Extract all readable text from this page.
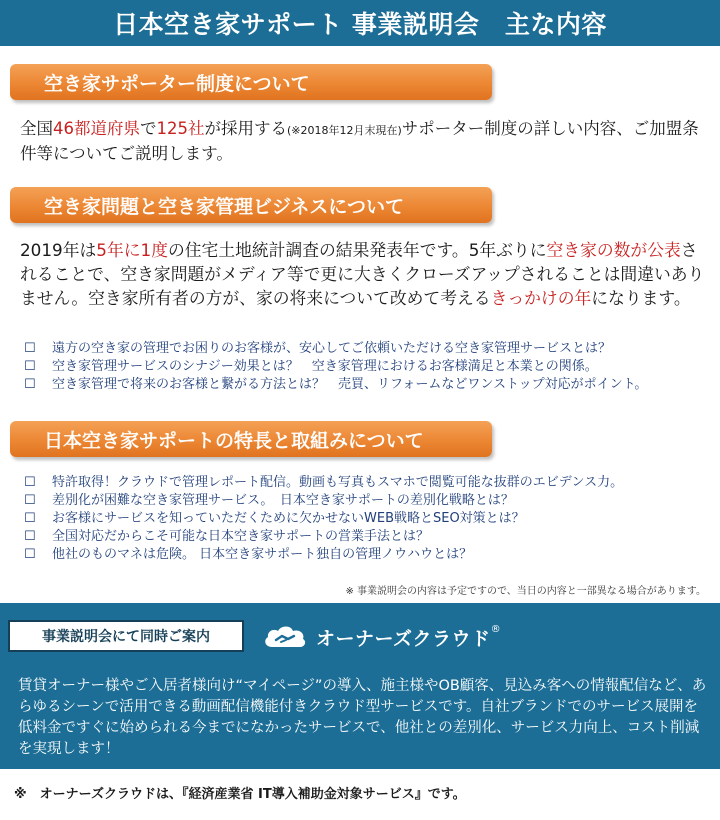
日本空き家サポート 事業説明会　主な内容
空き家サポーター制度について
全国46都道府県で125社が採用する(※2018年12月末現在)サポーター制度の詳しい内容、ご加盟条件等についてご説明します。
空き家問題と空き家管理ビジネスについて
2019年は5年に1度の住宅土地統計調査の結果発表年です。5年ぶりに空き家の数が公表されることで、空き家問題がメディア等で更に大きくクローズアップされることは間違いありません。空き家所有者の方が、家の将来について改めて考えるきっかけの年になります。
☐	遠方の空き家の管理でお困りのお客様が、安心してご依頼いただける空き家管理サービスとは？
☐	空き家管理サービスのシナジー効果とは？　空き家管理におけるお客様満足と本業との関係。
☐	空き家管理で将来のお客様と繋がる方法とは？　売買、リフォームなどワンストップ対応がポイント。
日本空き家サポートの特長と取組みについて
☐	特許取得！クラウドで管理レポート配信。動画も写真もスマホで閲覧可能な抜群のエビデンス力。
☐	差別化が困難な空き家管理サービス。　日本空き家サポートの差別化戦略とは？
☐	お客様にサービスを知っていただくために欠かせないWEB戦略とSEO対策とは？
☐	全国対応だからこそ可能な日本空き家サポートの営業手法とは？
☐	他社のものマネは危険。 日本空き家サポート独自の管理ノウハウとは？
※ 事業説明会の内容は予定ですので、当日の内容と一部異なる場合があります。
事業説明会にて同時ご案内	オーナーズクラウド ®
賃貸オーナー様やご入居者様向け“マイページ”の導入、施主様やOB顧客、見込み客への情報配信など、あらゆるシーンで活用できる動画配信機能付きクラウド型サービスです。自社ブランドでのサービス展開を低料金ですぐに始められる今までになかったサービスで、他社との差別化、サービス力向上、コスト削減を実現します！
※　オーナーズクラウドは、『経済産業省 IT導入補助金対象サービス』です。
